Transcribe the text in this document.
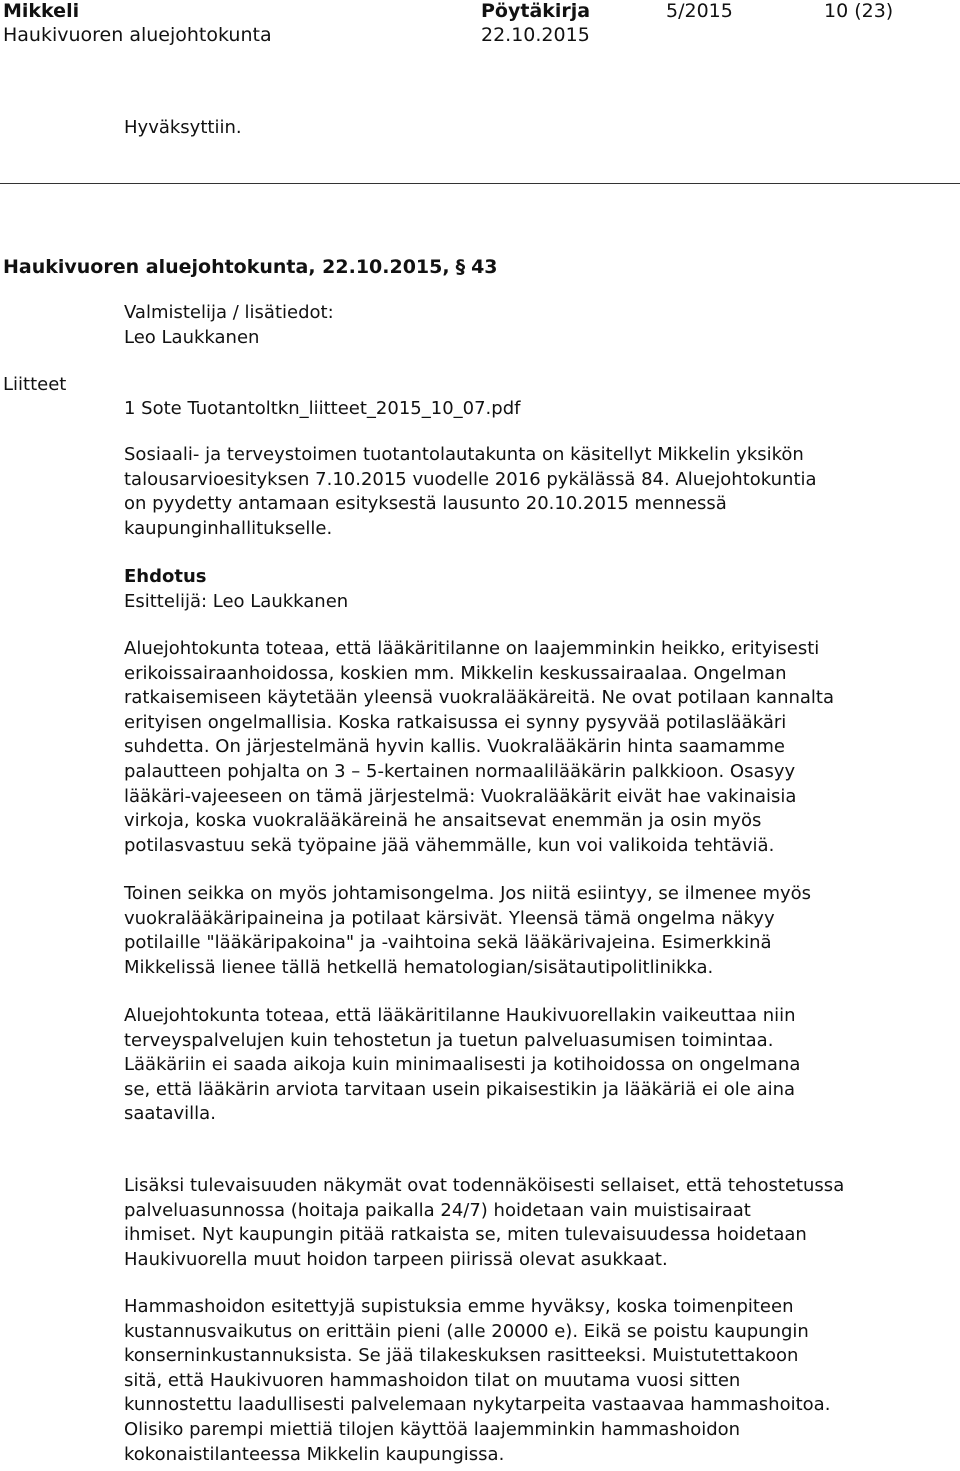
Mikkeli
Haukivuoren aluejohtokunta
Pöytäkirja
22.10.2015
5/2015	10 (23)
Hyväksyttiin.
Haukivuoren aluejohtokunta, 22.10.2015, § 43
Valmistelija / lisätiedot:
Leo Laukkanen
Liitteet
1 Sote Tuotantoltkn_liitteet_2015_10_07.pdf

Sosiaali- ja terveystoimen tuotantolautakunta on käsitellyt Mikkelin yksikön

talousarvioesityksen 7.10.2015 vuodelle 2016 pykälässä 84. Aluejohtokuntia

on pyydetty antamaan esityksestä lausunto 20.10.2015 mennessä

kaupunginhallitukselle.

Ehdotus
Esittelijä: Leo Laukkanen

Aluejohtokunta toteaa, että lääkäritilanne on laajemminkin heikko, erityisesti

erikoissairaanhoidossa, koskien mm. Mikkelin keskussairaalaa. Ongelman

ratkaisemiseen käytetään yleensä vuokralääkäreitä. Ne ovat potilaan kannalta

erityisen ongelmallisia. Koska ratkaisussa ei synny pysyvää potilaslääkäri

suhdetta. On järjestelmänä hyvin kallis. Vuokralääkärin hinta saamamme

palautteen pohjalta on 3 – 5-kertainen normaalilääkärin palkkioon. Osasyy

lääkäri-vajeeseen on tämä järjestelmä: Vuokralääkärit eivät hae vakinaisia

virkoja, koska vuokralääkäreinä he ansaitsevat enemmän ja osin myös

potilasvastuu sekä työpaine jää vähemmälle, kun voi valikoida tehtäviä.

Toinen seikka on myös johtamisongelma. Jos niitä esiintyy, se ilmenee myös

vuokralääkäripaineina ja potilaat kärsivät. Yleensä tämä ongelma näkyy

potilaille "lääkäripakoina" ja -vaihtoina sekä lääkärivajeina. Esimerkkinä

Mikkelissä lienee tällä hetkellä hematologian/sisätautipolitlinikka.

Aluejohtokunta toteaa, että lääkäritilanne Haukivuorellakin vaikeuttaa niin

terveyspalvelujen kuin tehostetun ja tuetun palveluasumisen toimintaa.

Lääkäriin ei saada aikoja kuin minimaalisesti ja kotihoidossa on ongelmana

se, että lääkärin arviota tarvitaan usein pikaisestikin ja lääkäriä ei ole aina

saatavilla.

Lisäksi tulevaisuuden näkymät ovat todennäköisesti sellaiset, että tehostetussa

palveluasunnossa (hoitaja paikalla 24/7) hoidetaan vain muistisairaat

ihmiset. Nyt kaupungin pitää ratkaista se, miten tulevaisuudessa hoidetaan

Haukivuorella muut hoidon tarpeen piirissä olevat asukkaat.

Hammashoidon esitettyjä supistuksia emme hyväksy, koska toimenpiteen

kustannusvaikutus on erittäin pieni (alle 20000 e). Eikä se poistu kaupungin

konserninkustannuksista. Se jää tilakeskuksen rasitteeksi. Muistutettakoon

sitä, että Haukivuoren hammashoidon tilat on muutama vuosi sitten

kunnostettu laadullisesti palvelemaan nykytarpeita vastaavaa hammashoitoa.

Olisiko parempi miettiä tilojen käyttöä laajemminkin hammashoidon

kokonaistilanteessa Mikkelin kaupungissa.
